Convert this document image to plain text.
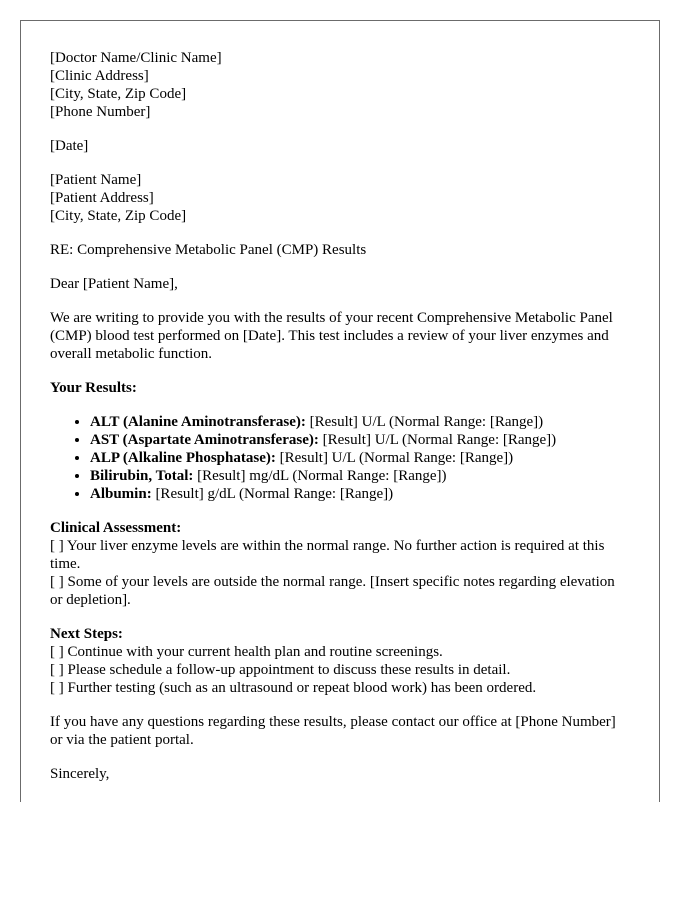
[Doctor Name/Clinic Name]
[Clinic Address]
[City, State, Zip Code]
[Phone Number]
[Date]
[Patient Name]
[Patient Address]
[City, State, Zip Code]

RE: Comprehensive Metabolic Panel (CMP) Results

Dear [Patient Name],

We are writing to provide you with the results of your recent Comprehensive Metabolic Panel (CMP) blood test performed on [Date]. This test includes a review of your liver enzymes and overall metabolic function.

Your Results:

• ALT (Alanine Aminotransferase): [Result] U/L (Normal Range: [Range])
• AST (Aspartate Aminotransferase): [Result] U/L (Normal Range: [Range])
• ALP (Alkaline Phosphatase): [Result] U/L (Normal Range: [Range])
• Bilirubin, Total: [Result] mg/dL (Normal Range: [Range])
• Albumin: [Result] g/dL (Normal Range: [Range])
Clinical Assessment:
[ ] Your liver enzyme levels are within the normal range. No further action is required at this time.
[ ] Some of your levels are outside the normal range. [Insert specific notes regarding elevation or depletion].
Next Steps:
[ ] Continue with your current health plan and routine screenings.
[ ] Please schedule a follow-up appointment to discuss these results in detail.
[ ] Further testing (such as an ultrasound or repeat blood work) has been ordered.

If you have any questions regarding these results, please contact our office at [Phone Number] or via the patient portal.

Sincerely,
